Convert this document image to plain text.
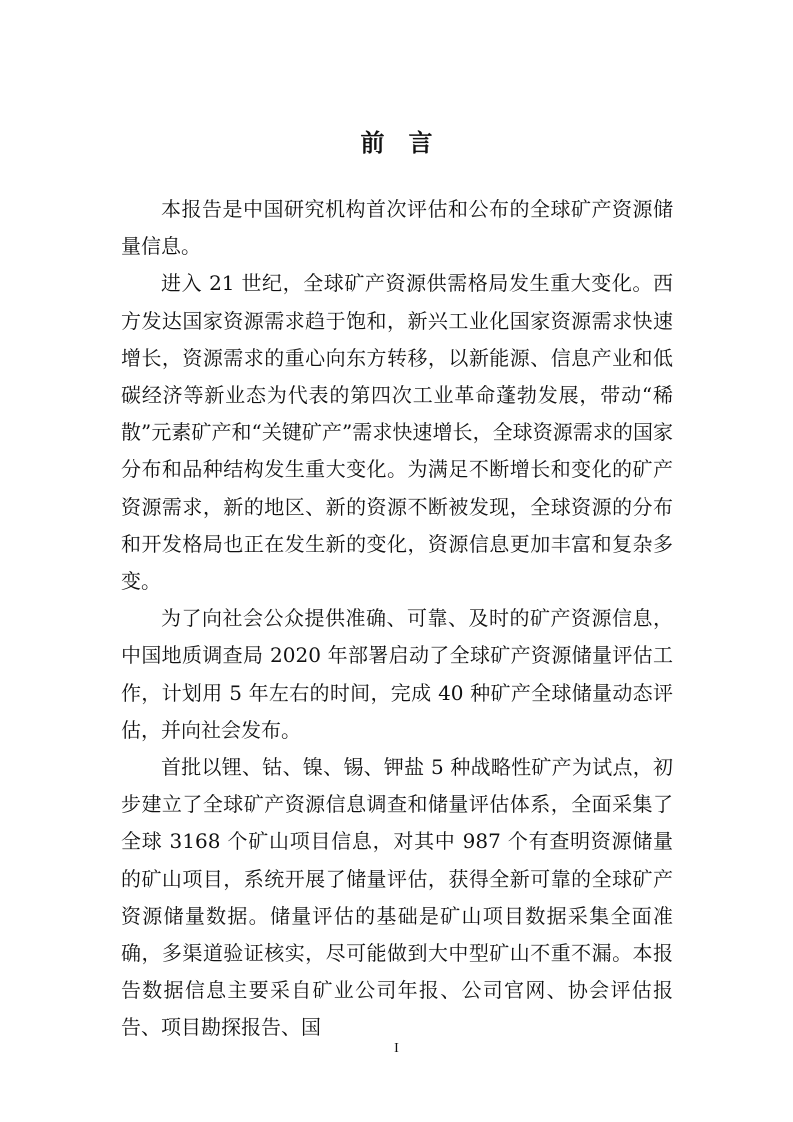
前 言

本报告是中国研究机构首次评估和公布的全球矿产资源储量信息。

进入 21 世纪，全球矿产资源供需格局发生重大变化。西方发达国家资源需求趋于饱和，新兴工业化国家资源需求快速增长，资源需求的重心向东方转移，以新能源、信息产业和低碳经济等新业态为代表的第四次工业革命蓬勃发展，带动“稀散”元素矿产和“关键矿产”需求快速增长，全球资源需求的国家分布和品种结构发生重大变化。为满足不断增长和变化的矿产资源需求，新的地区、新的资源不断被发现，全球资源的分布和开发格局也正在发生新的变化，资源信息更加丰富和复杂多变。

为了向社会公众提供准确、可靠、及时的矿产资源信息，中国地质调查局 2020 年部署启动了全球矿产资源储量评估工作，计划用 5 年左右的时间，完成 40 种矿产全球储量动态评估，并向社会发布。

首批以锂、钴、镍、锡、钾盐 5 种战略性矿产为试点，初步建立了全球矿产资源信息调查和储量评估体系，全面采集了全球 3168 个矿山项目信息，对其中 987 个有查明资源储量的矿山项目，系统开展了储量评估，获得全新可靠的全球矿产资源储量数据。储量评估的基础是矿山项目数据采集全面准确，多渠道验证核实，尽可能做到大中型矿山不重不漏。本报告数据信息主要采自矿业公司年报、公司官网、协会评估报告、项目勘探报告、国

I
